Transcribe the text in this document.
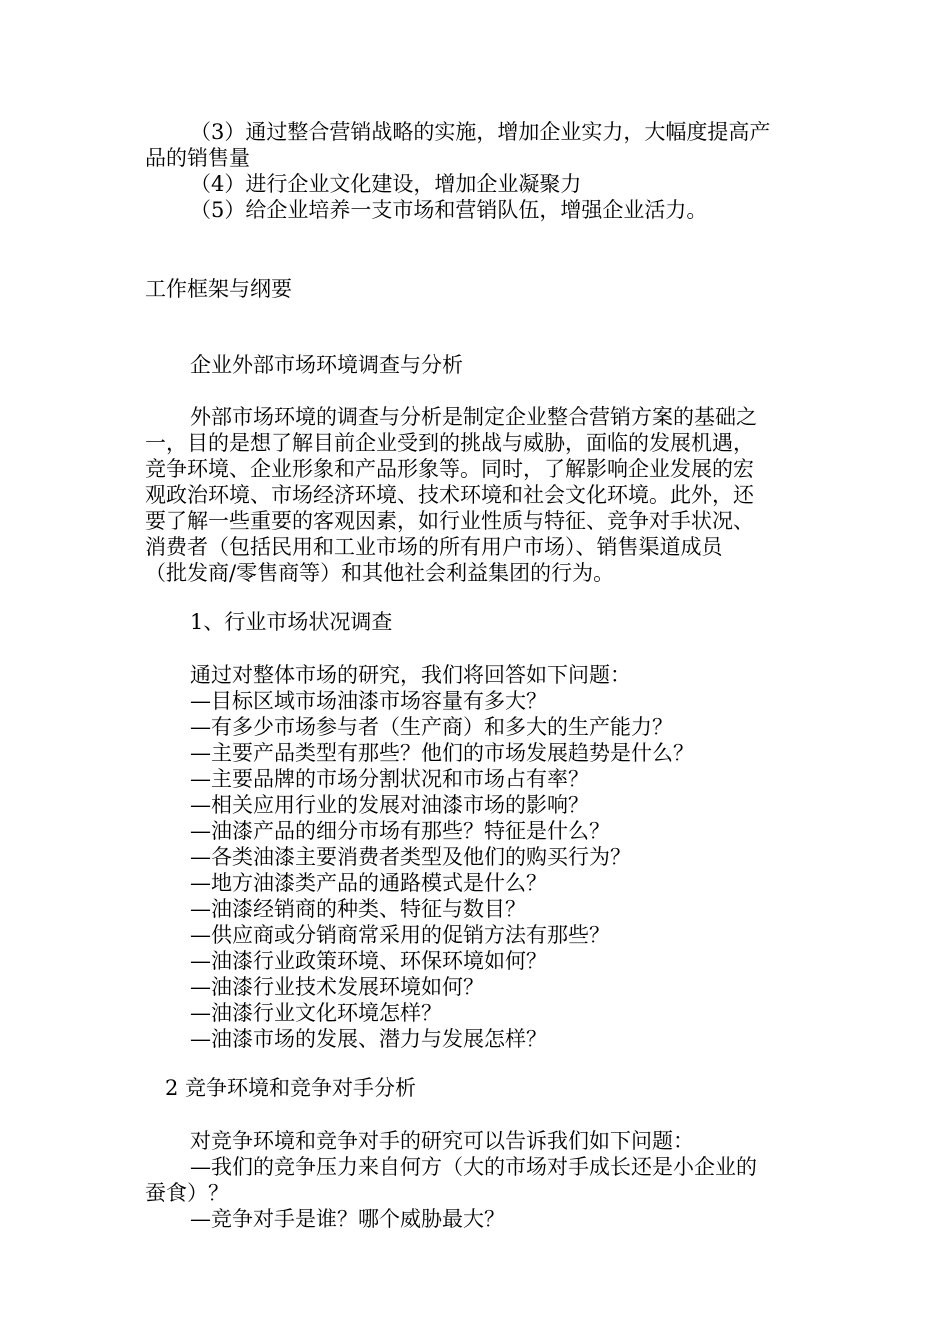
（3）通过整合营销战略的实施，增加企业实力，大幅度提高产
品的销售量
（4）进行企业文化建设，增加企业凝聚力
（5）给企业培养一支市场和营销队伍，增强企业活力。
工作框架与纲要
企业外部市场环境调查与分析
外部市场环境的调查与分析是制定企业整合营销方案的基础之
一，目的是想了解目前企业受到的挑战与威胁，面临的发展机遇，
竞争环境、企业形象和产品形象等。同时，了解影响企业发展的宏
观政治环境、市场经济环境、技术环境和社会文化环境。此外，还
要了解一些重要的客观因素，如行业性质与特征、竞争对手状况、
消费者（包括民用和工业市场的所有用户市场）、销售渠道成员
（批发商/零售商等）和其他社会利益集团的行为。
1、行业市场状况调查
通过对整体市场的研究，我们将回答如下问题：
—目标区域市场油漆市场容量有多大？
—有多少市场参与者（生产商）和多大的生产能力？
—主要产品类型有那些？他们的市场发展趋势是什么？
—主要品牌的市场分割状况和市场占有率？
—相关应用行业的发展对油漆市场的影响？
—油漆产品的细分市场有那些？特征是什么？
—各类油漆主要消费者类型及他们的购买行为？
—地方油漆类产品的通路模式是什么？
—油漆经销商的种类、特征与数目？
—供应商或分销商常采用的促销方法有那些？
—油漆行业政策环境、环保环境如何？
—油漆行业技术发展环境如何？
—油漆行业文化环境怎样？
—油漆市场的发展、潜力与发展怎样？
2 竞争环境和竞争对手分析
对竞争环境和竞争对手的研究可以告诉我们如下问题：
—我们的竞争压力来自何方（大的市场对手成长还是小企业的
蚕食）？
—竞争对手是谁？哪个威胁最大？
